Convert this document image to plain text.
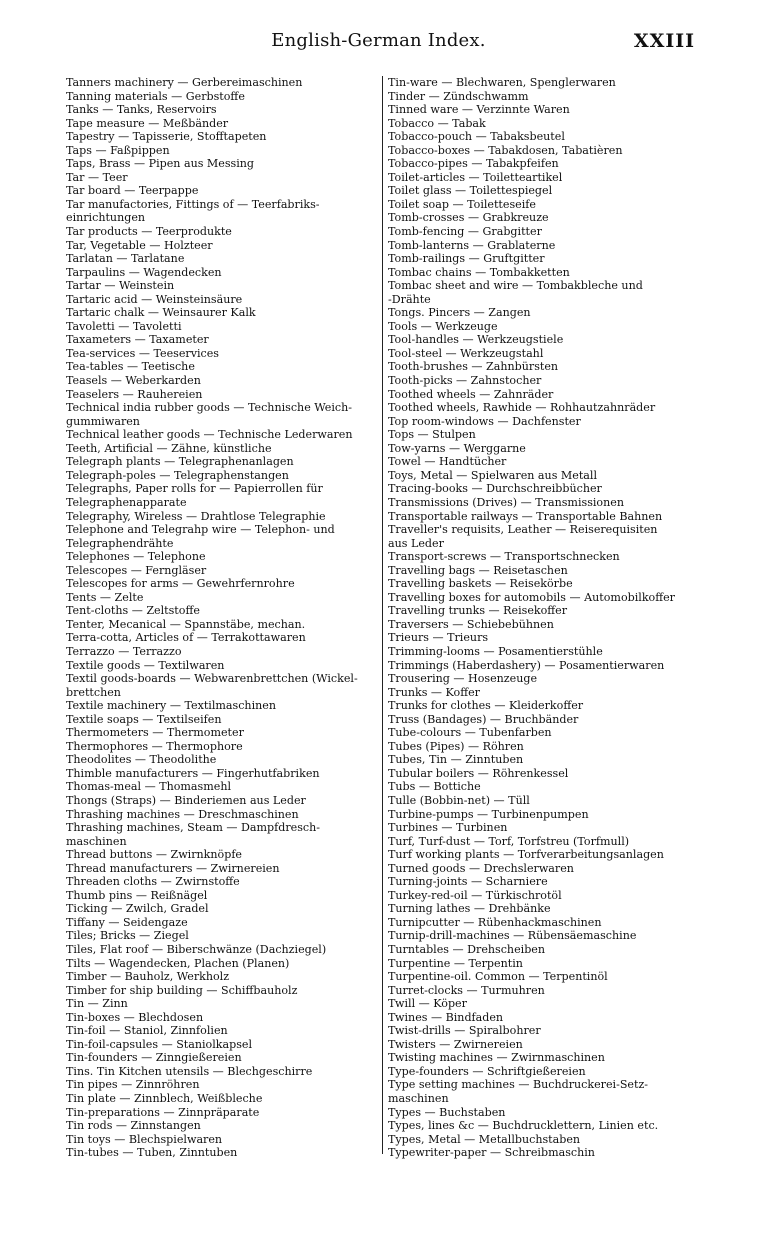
English-German Index.	XXIII
Tanners machinery — Gerbereimaschinen
Tanning materials — Gerbstoffe
Tanks — Tanks, Reservoirs
Tape measure — Meßbänder
Tapestry — Tapisserie, Stofftapeten
Taps — Faßpippen
Taps, Brass — Pipen aus Messing
Tar — Teer
Tar board — Teerpappe
Tar manufactories, Fittings of — Teerfabriks-
einrichtungen
Tar products — Teerprodukte
Tar, Vegetable — Holzteer
Tarlatan — Tarlatane
Tarpaulins — Wagendecken
Tartar — Weinstein
Tartaric acid — Weinsteinsäure
Tartaric chalk — Weinsaurer Kalk
Tavoletti — Tavoletti
Taxameters — Taxameter
Tea-services — Teeservices
Tea-tables — Teetische
Teasels — Weberkarden
Teaselers — Rauhereien
Technical india rubber goods — Technische Weich-
gummiwaren
Technical leather goods — Technische Lederwaren
Teeth, Artificial — Zähne, künstliche
Telegraph plants — Telegraphenanlagen
Telegraph-poles — Telegraphenstangen
Telegraphs, Paper rolls for — Papierrollen für
Telegraphenapparate
Telegraphy, Wireless — Drahtlose Telegraphie
Telephone and Telegrahp wire — Telephon- und
Telegraphendrähte
Telephones — Telephone
Telescopes — Ferngläser
Telescopes for arms — Gewehrfernrohre
Tents — Zelte
Tent-cloths — Zeltstoffe
Tenter, Mecanical — Spannstäbe, mechan.
Terra-cotta, Articles of — Terrakottawaren
Terrazzo — Terrazzo
Textile goods — Textilwaren
Textil goods-boards — Webwarenbrettchen (Wickel-
brettchen
Textile machinery — Textilmaschinen
Textile soaps — Textilseifen
Thermometers — Thermometer
Thermophores — Thermophore
Theodolites — Theodolithe
Thimble manufacturers — Fingerhutfabriken
Thomas-meal — Thomasmehl
Thongs (Straps) — Binderiemen aus Leder
Thrashing machines — Dreschmaschinen
Thrashing machines, Steam — Dampfdresch-
maschinen
Thread buttons — Zwirnknöpfe
Thread manufacturers — Zwirnereien
Threaden cloths — Zwirnstoffe
Thumb pins — Reißnägel
Ticking — Zwilch, Gradel
Tiffany — Seidengaze
Tiles; Bricks — Ziegel
Tiles, Flat roof — Biberschwänze (Dachziegel)
Tilts — Wagendecken, Plachen (Planen)
Timber — Bauholz, Werkholz
Timber for ship building — Schiffbauholz
Tin — Zinn
Tin-boxes — Blechdosen
Tin-foil — Staniol, Zinnfolien
Tin-foil-capsules — Staniolkapsel
Tin-founders — Zinngießereien
Tins. Tin Kitchen utensils — Blechgeschirre
Tin pipes — Zinnröhren
Tin plate — Zinnblech, Weißbleche
Tin-preparations — Zinnpräparate
Tin rods — Zinnstangen
Tin toys — Blechspielwaren
Tin-tubes — Tuben, Zinntuben
Tin-ware — Blechwaren, Spenglerwaren
Tinder — Zündschwamm
Tinned ware — Verzinnte Waren
Tobacco — Tabak
Tobacco-pouch — Tabaksbeutel
Tobacco-boxes — Tabakdosen, Tabatièren
Tobacco-pipes — Tabakpfeifen
Toilet-articles — Toiletteartikel
Toilet glass — Toilettespiegel
Toilet soap — Toiletteseife
Tomb-crosses — Grabkreuze
Tomb-fencing — Grabgitter
Tomb-lanterns — Grablaterne
Tomb-railings — Gruftgitter
Tombac chains — Tombakketten
Tombac sheet and wire — Tombakbleche und
-Drähte
Tongs. Pincers — Zangen
Tools — Werkzeuge
Tool-handles — Werkzeugstiele
Tool-steel — Werkzeugstahl
Tooth-brushes — Zahnbürsten
Tooth-picks — Zahnstocher
Toothed wheels — Zahnräder
Toothed wheels, Rawhide — Rohhautzahnräder
Top room-windows — Dachfenster
Tops — Stulpen
Tow-yarns — Werggarne
Towel — Handtücher
Toys, Metal — Spielwaren aus Metall
Tracing-books — Durchschreibbücher
Transmissions (Drives) — Transmissionen
Transportable railways — Transportable Bahnen
Traveller's requisits, Leather — Reiserequisiten
aus Leder
Transport-screws — Transportschnecken
Travelling bags — Reisetaschen
Travelling baskets — Reisekörbe
Travelling boxes for automobils — Automobilkoffer
Travelling trunks — Reisekoffer
Traversers — Schiebebühnen
Trieurs — Trieurs
Trimming-looms — Posamentierstühle
Trimmings (Haberdashery) — Posamentierwaren
Trousering — Hosenzeuge
Trunks — Koffer
Trunks for clothes — Kleiderkoffer
Truss (Bandages) — Bruchbänder
Tube-colours — Tubenfarben
Tubes (Pipes) — Röhren
Tubes, Tin — Zinntuben
Tubular boilers — Röhrenkessel
Tubs — Bottiche
Tulle (Bobbin-net) — Tüll
Turbine-pumps — Turbinenpumpen
Turbines — Turbinen
Turf, Turf-dust — Torf, Torfstreu (Torfmull)
Turf working plants — Torfverarbeitungsanlagen
Turned goods — Drechslerwaren
Turning-joints — Scharniere
Turkey-red-oil — Türkischrotöl
Turning lathes — Drehbänke
Turnipcutter — Rübenhackmaschinen
Turnip-drill-machines — Rübensäemaschine
Turntables — Drehscheiben
Turpentine — Terpentin
Turpentine-oil. Common — Terpentinöl
Turret-clocks — Turmuhren
Twill — Köper
Twines — Bindfaden
Twist-drills — Spiralbohrer
Twisters — Zwirnereien
Twisting machines — Zwirnmaschinen
Type-founders — Schriftgießereien
Type setting machines — Buchdruckerei-Setz-
maschinen
Types — Buchstaben
Types, lines &c — Buchdrucklettern, Linien etc.
Types, Metal — Metallbuchstaben
Typewriter-paper — Schreibmaschin
